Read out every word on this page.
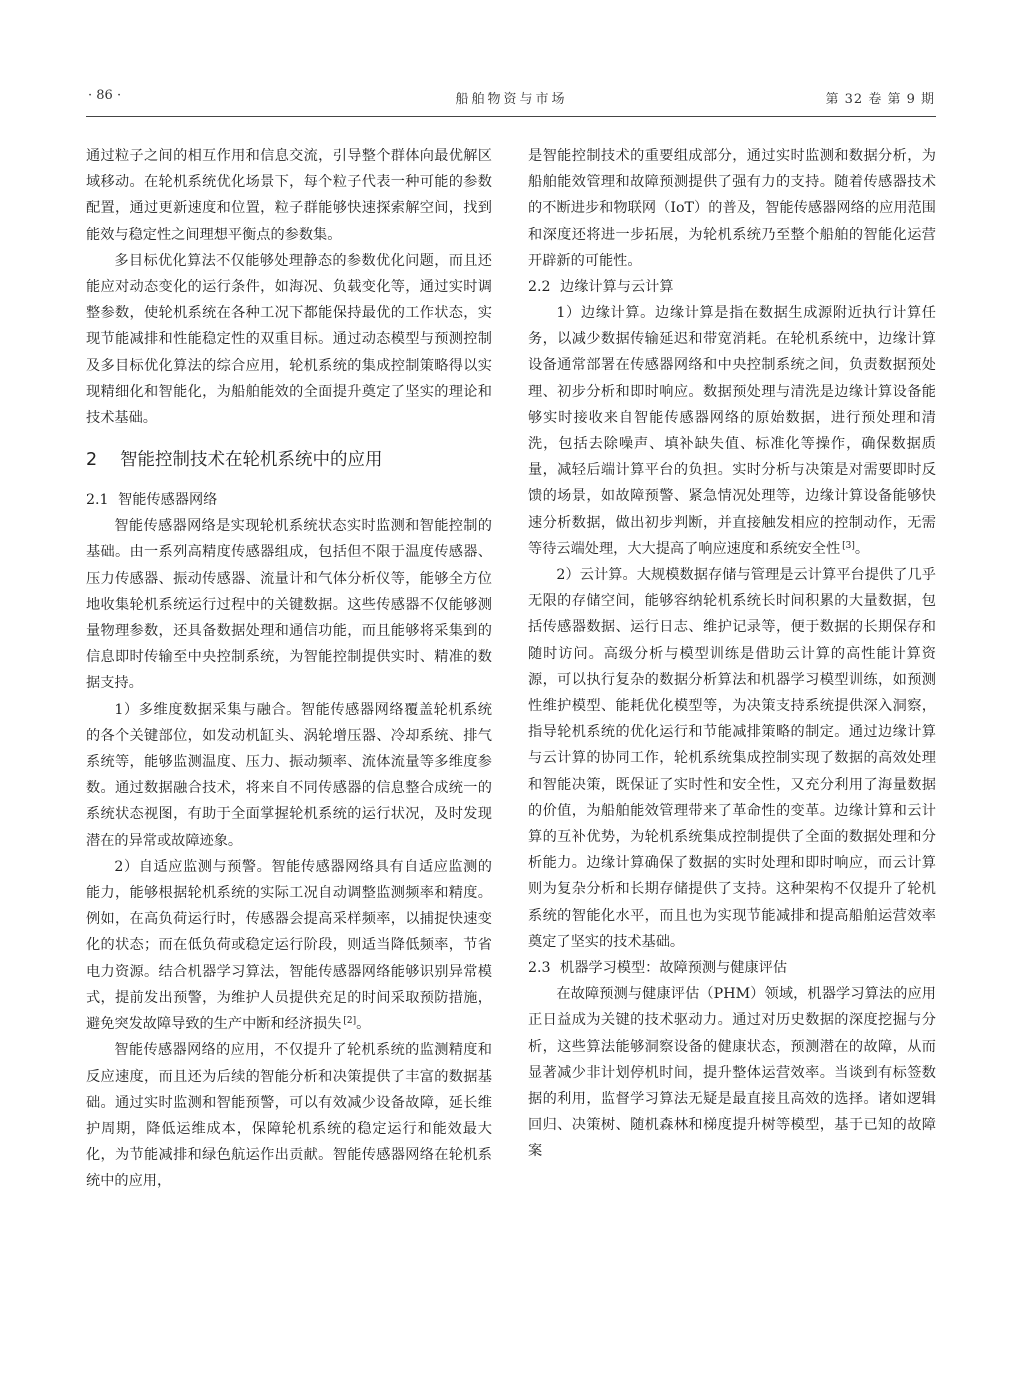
· 86 ·	船舶物资与市场	第 32 卷 第 9 期

通过粒子之间的相互作用和信息交流，引导整个群体向最优解区域移动。在轮机系统优化场景下，每个粒子代表一种可能的参数配置，通过更新速度和位置，粒子群能够快速探索解空间，找到能效与稳定性之间理想平衡点的参数集。

多目标优化算法不仅能够处理静态的参数优化问题，而且还能应对动态变化的运行条件，如海况、负载变化等，通过实时调整参数，使轮机系统在各种工况下都能保持最优的工作状态，实现节能减排和性能稳定性的双重目标。通过动态模型与预测控制及多目标优化算法的综合应用，轮机系统的集成控制策略得以实现精细化和智能化，为船舶能效的全面提升奠定了坚实的理论和技术基础。

2 智能控制技术在轮机系统中的应用
2.1 智能传感器网络

智能传感器网络是实现轮机系统状态实时监测和智能控制的基础。由一系列高精度传感器组成，包括但不限于温度传感器、压力传感器、振动传感器、流量计和气体分析仪等，能够全方位地收集轮机系统运行过程中的关键数据。这些传感器不仅能够测量物理参数，还具备数据处理和通信功能，而且能够将采集到的信息即时传输至中央控制系统，为智能控制提供实时、精准的数据支持。

1）多维度数据采集与融合。智能传感器网络覆盖轮机系统的各个关键部位，如发动机缸头、涡轮增压器、冷却系统、排气系统等，能够监测温度、压力、振动频率、流体流量等多维度参数。通过数据融合技术，将来自不同传感器的信息整合成统一的系统状态视图，有助于全面掌握轮机系统的运行状况，及时发现潜在的异常或故障迹象。

2）自适应监测与预警。智能传感器网络具有自适应监测的能力，能够根据轮机系统的实际工况自动调整监测频率和精度。例如，在高负荷运行时，传感器会提高采样频率，以捕捉快速变化的状态；而在低负荷或稳定运行阶段，则适当降低频率，节省电力资源。结合机器学习算法，智能传感器网络能够识别异常模式，提前发出预警，为维护人员提供充足的时间采取预防措施，避免突发故障导致的生产中断和经济损失 [2]。

智能传感器网络的应用，不仅提升了轮机系统的监测精度和反应速度，而且还为后续的智能分析和决策提供了丰富的数据基础。通过实时监测和智能预警，可以有效减少设备故障，延长维护周期，降低运维成本，保障轮机系统的稳定运行和能效最大化，为节能减排和绿色航运作出贡献。智能传感器网络在轮机系统中的应用，

是智能控制技术的重要组成部分，通过实时监测和数据分析，为船舶能效管理和故障预测提供了强有力的支持。随着传感器技术的不断进步和物联网（IoT）的普及，智能传感器网络的应用范围和深度还将进一步拓展，为轮机系统乃至整个船舶的智能化运营开辟新的可能性。

2.2 边缘计算与云计算

1）边缘计算。边缘计算是指在数据生成源附近执行计算任务，以减少数据传输延迟和带宽消耗。在轮机系统中，边缘计算设备通常部署在传感器网络和中央控制系统之间，负责数据预处理、初步分析和即时响应。数据预处理与清洗是边缘计算设备能够实时接收来自智能传感器网络的原始数据，进行预处理和清洗，包括去除噪声、填补缺失值、标准化等操作，确保数据质量，减轻后端计算平台的负担。实时分析与决策是对需要即时反馈的场景，如故障预警、紧急情况处理等，边缘计算设备能够快速分析数据，做出初步判断，并直接触发相应的控制动作，无需等待云端处理，大大提高了响应速度和系统安全性 [3]。

2）云计算。大规模数据存储与管理是云计算平台提供了几乎无限的存储空间，能够容纳轮机系统长时间积累的大量数据，包括传感器数据、运行日志、维护记录等，便于数据的长期保存和随时访问。高级分析与模型训练是借助云计算的高性能计算资源，可以执行复杂的数据分析算法和机器学习模型训练，如预测性维护模型、能耗优化模型等，为决策支持系统提供深入洞察，指导轮机系统的优化运行和节能减排策略的制定。通过边缘计算与云计算的协同工作，轮机系统集成控制实现了数据的高效处理和智能决策，既保证了实时性和安全性，又充分利用了海量数据的价值，为船舶能效管理带来了革命性的变革。边缘计算和云计算的互补优势，为轮机系统集成控制提供了全面的数据处理和分析能力。边缘计算确保了数据的实时处理和即时响应，而云计算则为复杂分析和长期存储提供了支持。这种架构不仅提升了轮机系统的智能化水平，而且也为实现节能减排和提高船舶运营效率奠定了坚实的技术基础。

2.3 机器学习模型：故障预测与健康评估

在故障预测与健康评估（PHM）领域，机器学习算法的应用正日益成为关键的技术驱动力。通过对历史数据的深度挖掘与分析，这些算法能够洞察设备的健康状态，预测潜在的故障，从而显著减少非计划停机时间，提升整体运营效率。当谈到有标签数据的利用，监督学习算法无疑是最直接且高效的选择。诸如逻辑回归、决策树、随机森林和梯度提升树等模型，基于已知的故障案
